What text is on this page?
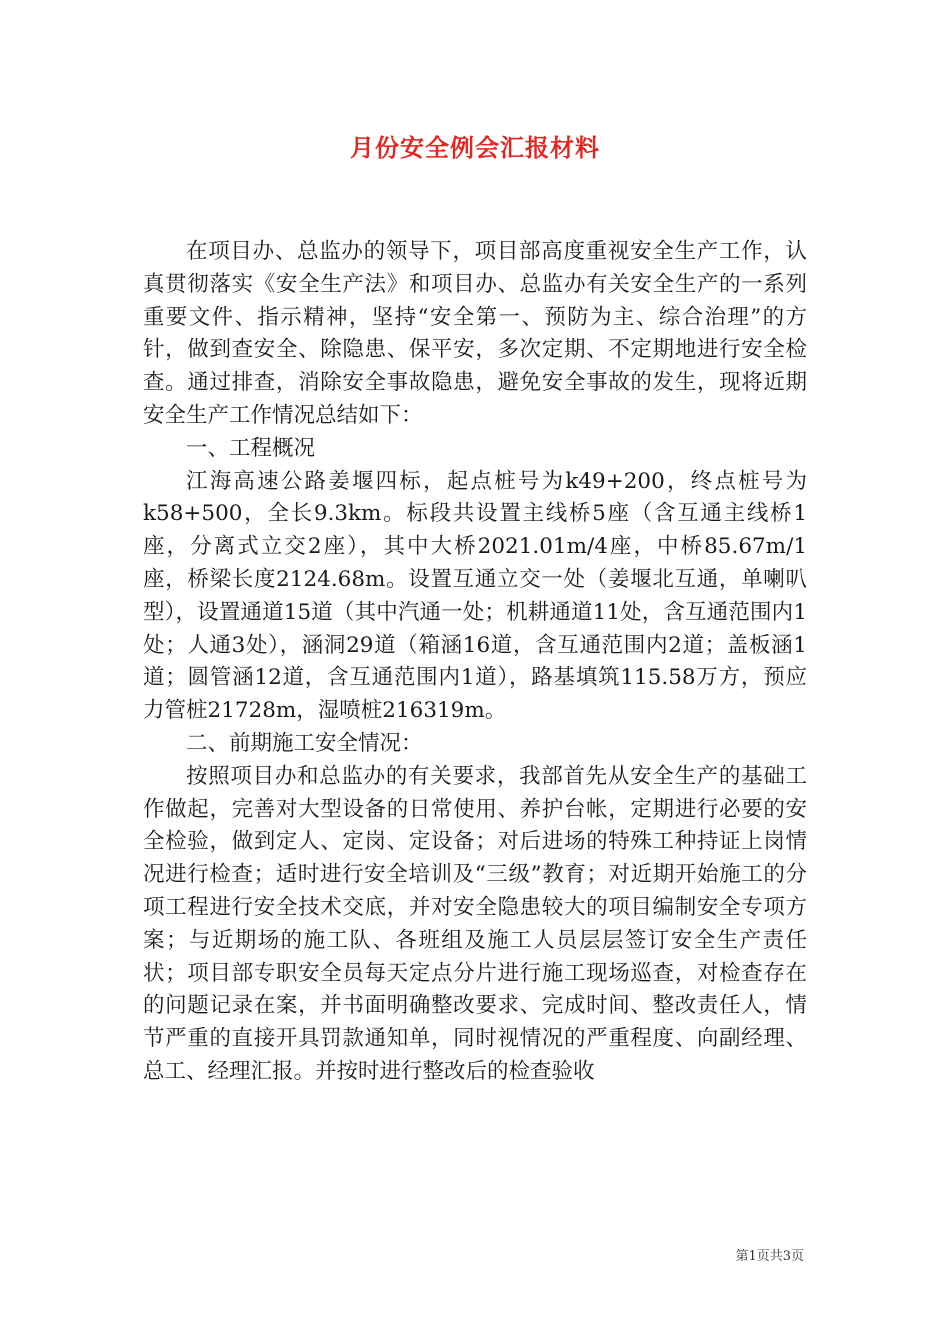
月份安全例会汇报材料

在项目办、总监办的领导下，项目部高度重视安全生产工作，认真贯彻落实《安全生产法》和项目办、总监办有关安全生产的一系列重要文件、指示精神，坚持“安全第一、预防为主、综合治理”的方针，做到查安全、除隐患、保平安，多次定期、不定期地进行安全检查。通过排查，消除安全事故隐患，避免安全事故的发生，现将近期安全生产工作情况总结如下：

一、工程概况

江海高速公路姜堰四标，起点桩号为k49+200，终点桩号为k58+500，全长9.3km。标段共设置主线桥5座（含互通主线桥1座，分离式立交2座），其中大桥2021.01m/4座，中桥85.67m/1座，桥梁长度2124.68m。设置互通立交一处（姜堰北互通，单喇叭型），设置通道15道（其中汽通一处；机耕通道11处，含互通范围内1处；人通3处），涵洞29道（箱涵16道，含互通范围内2道；盖板涵1道；圆管涵12道，含互通范围内1道），路基填筑115.58万方，预应力管桩21728m，湿喷桩216319m。

二、前期施工安全情况：

按照项目办和总监办的有关要求，我部首先从安全生产的基础工作做起，完善对大型设备的日常使用、养护台帐，定期进行必要的安全检验，做到定人、定岗、定设备；对后进场的特殊工种持证上岗情况进行检查；适时进行安全培训及“三级”教育；对近期开始施工的分项工程进行安全技术交底，并对安全隐患较大的项目编制安全专项方案；与近期场的施工队、各班组及施工人员层层签订安全生产责任状；项目部专职安全员每天定点分片进行施工现场巡查，对检查存在的问题记录在案，并书面明确整改要求、完成时间、整改责任人，情节严重的直接开具罚款通知单，同时视情况的严重程度、向副经理、总工、经理汇报。并按时进行整改后的检查验收

第1页共3页
